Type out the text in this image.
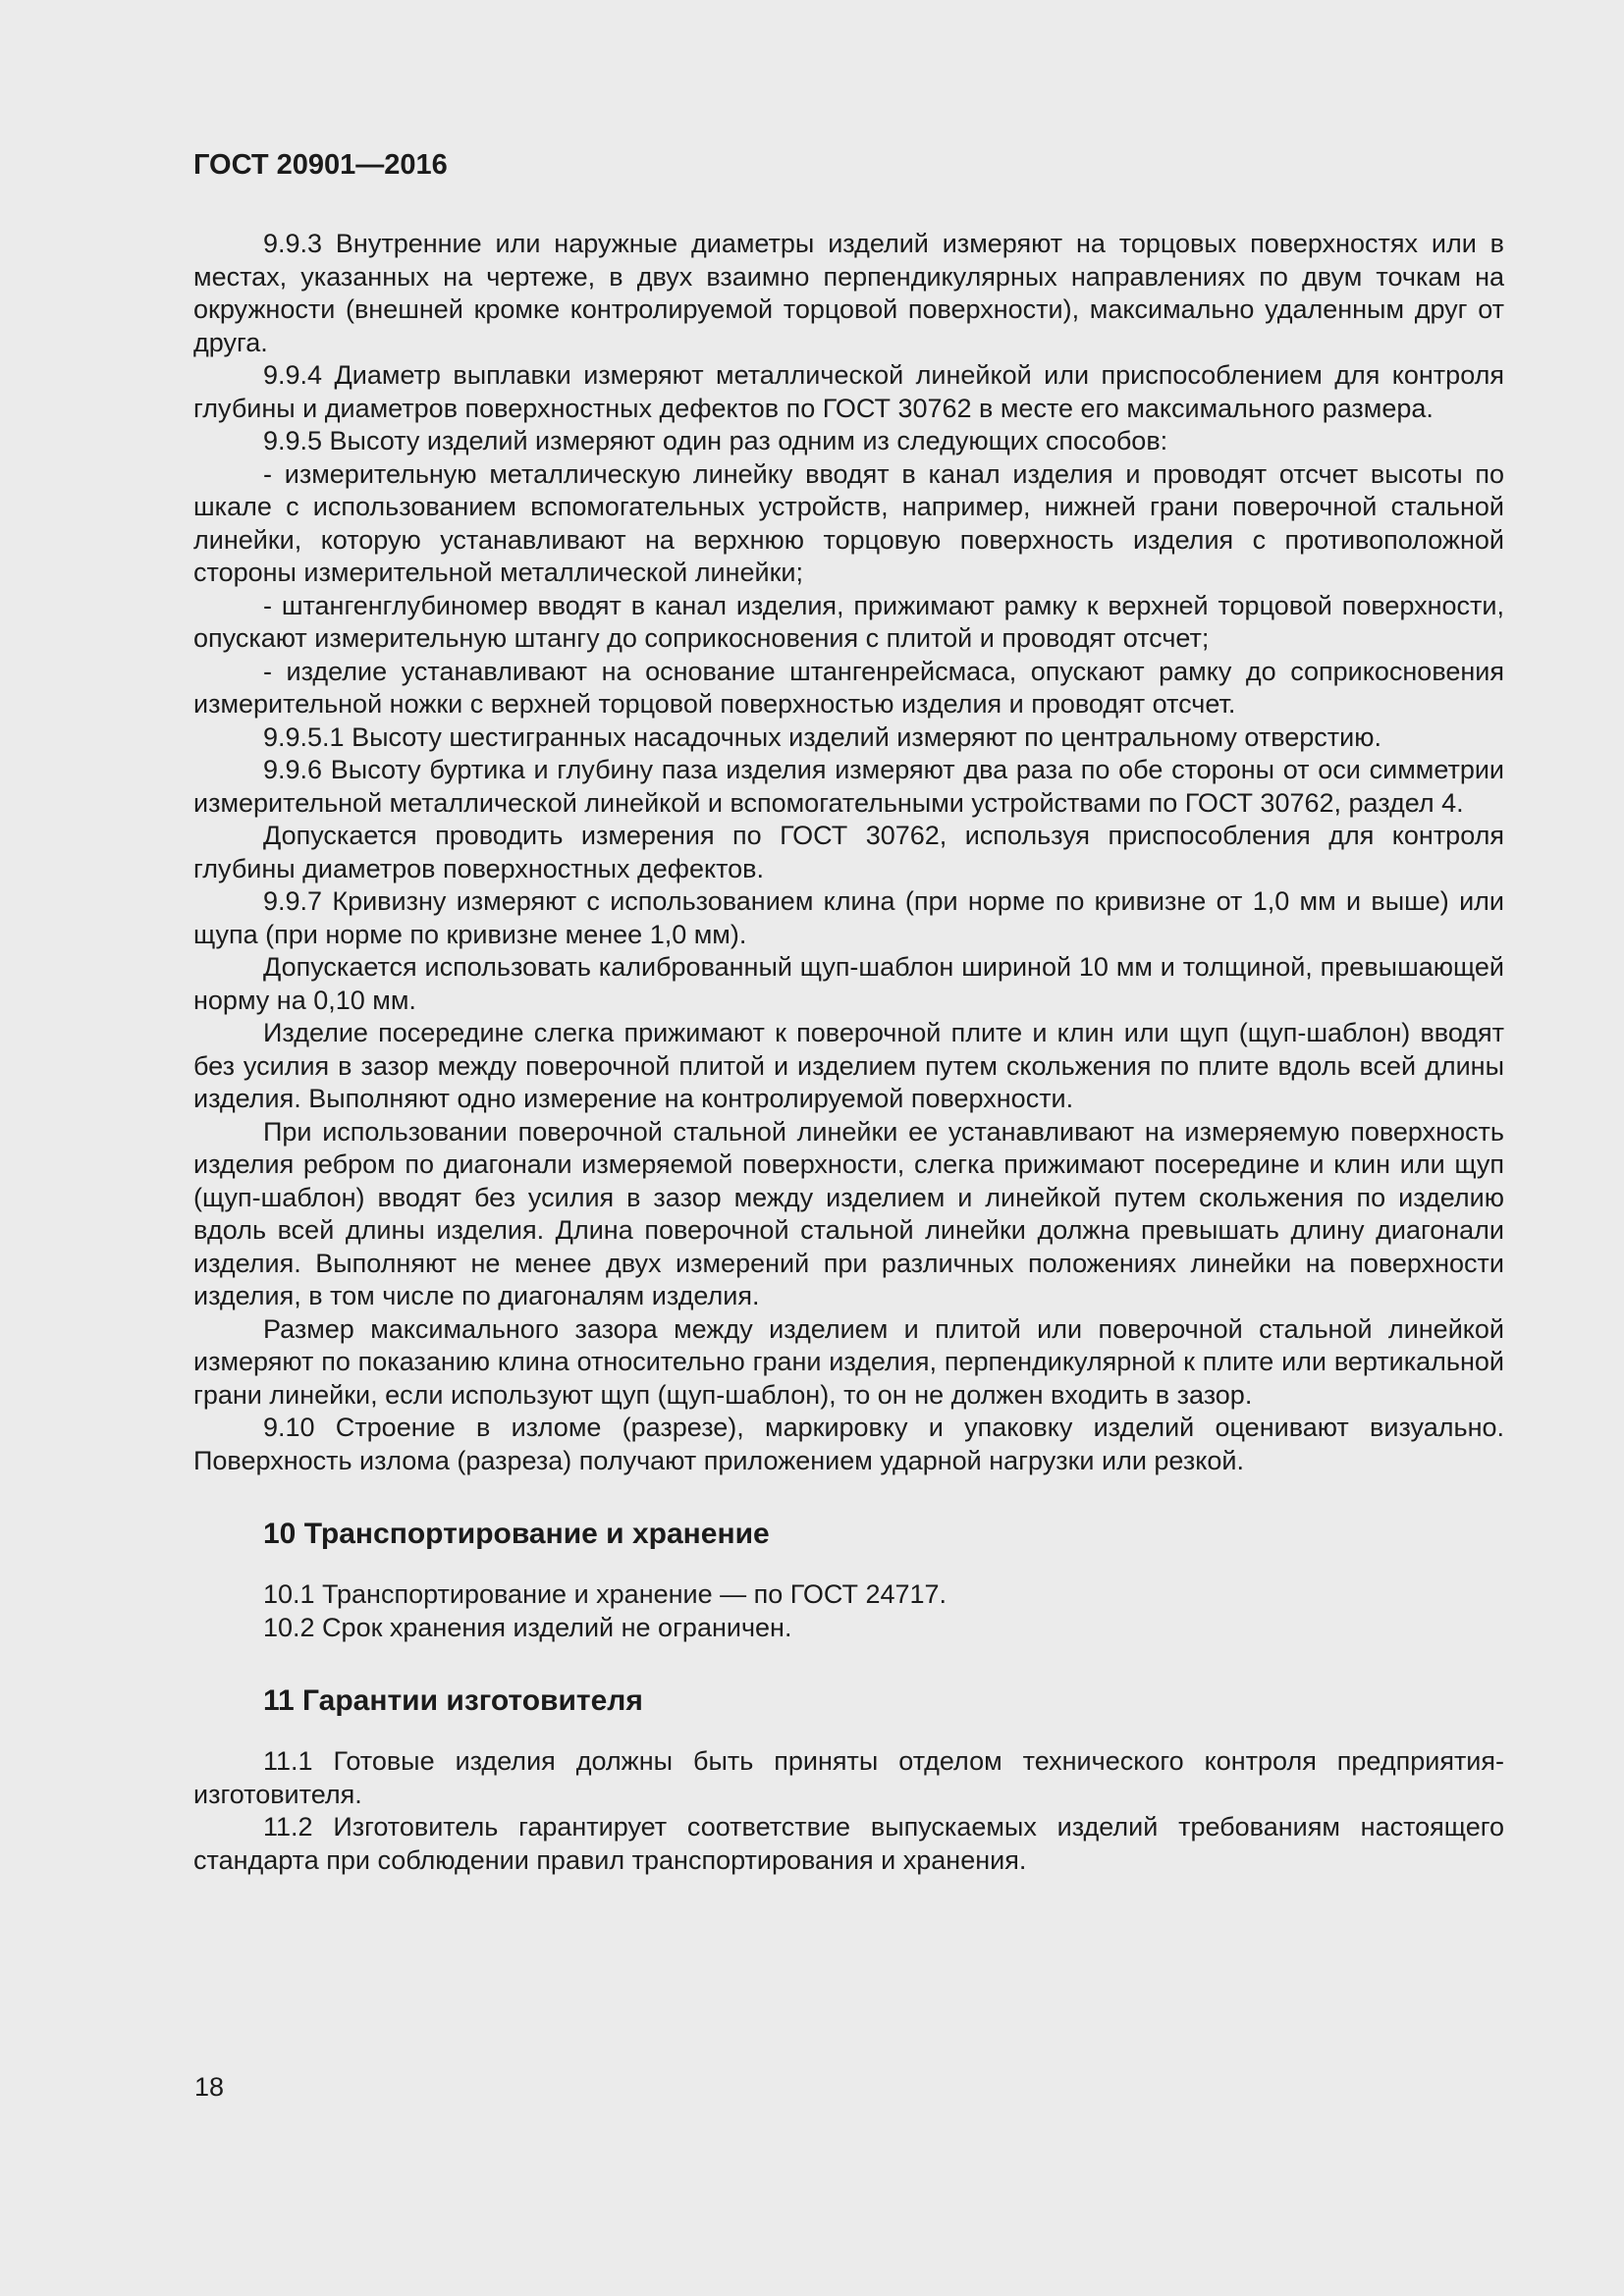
ГОСТ 20901—2016

9.9.3 Внутренние или наружные диаметры изделий измеряют на торцовых поверхностях или в местах, указанных на чертеже, в двух взаимно перпендикулярных направлениях по двум точкам на окружности (внешней кромке контролируемой торцовой поверхности), максимально удаленным друг от друга.

9.9.4 Диаметр выплавки измеряют металлической линейкой или приспособлением для контроля глубины и диаметров поверхностных дефектов по ГОСТ 30762 в месте его максимального размера.

9.9.5 Высоту изделий измеряют один раз одним из следующих способов:

- измерительную металлическую линейку вводят в канал изделия и проводят отсчет высоты по шкале с использованием вспомогательных устройств, например, нижней грани поверочной стальной линейки, которую устанавливают на верхнюю торцовую поверхность изделия с противоположной стороны измерительной металлической линейки;

- штангенглубиномер вводят в канал изделия, прижимают рамку к верхней торцовой поверхности, опускают измерительную штангу до соприкосновения с плитой и проводят отсчет;

- изделие устанавливают на основание штангенрейсмаса, опускают рамку до соприкосновения измерительной ножки с верхней торцовой поверхностью изделия и проводят отсчет.

9.9.5.1 Высоту шестигранных насадочных изделий измеряют по центральному отверстию.

9.9.6 Высоту буртика и глубину паза изделия измеряют два раза по обе стороны от оси симметрии измерительной металлической линейкой и вспомогательными устройствами по ГОСТ 30762, раздел 4.

Допускается проводить измерения по ГОСТ 30762, используя приспособления для контроля глубины диаметров поверхностных дефектов.

9.9.7 Кривизну измеряют с использованием клина (при норме по кривизне от 1,0 мм и выше) или щупа (при норме по кривизне менее 1,0 мм).

Допускается использовать калиброванный щуп-шаблон шириной 10 мм и толщиной, превышающей норму на 0,10 мм.

Изделие посередине слегка прижимают к поверочной плите и клин или щуп (щуп-шаблон) вводят без усилия в зазор между поверочной плитой и изделием путем скольжения по плите вдоль всей длины изделия. Выполняют одно измерение на контролируемой поверхности.

При использовании поверочной стальной линейки ее устанавливают на измеряемую поверхность изделия ребром по диагонали измеряемой поверхности, слегка прижимают посередине и клин или щуп (щуп-шаблон) вводят без усилия в зазор между изделием и линейкой путем скольжения по изделию вдоль всей длины изделия. Длина поверочной стальной линейки должна превышать длину диагонали изделия. Выполняют не менее двух измерений при различных положениях линейки на поверхности изделия, в том числе по диагоналям изделия.

Размер максимального зазора между изделием и плитой или поверочной стальной линейкой измеряют по показанию клина относительно грани изделия, перпендикулярной к плите или вертикальной грани линейки, если используют щуп (щуп-шаблон), то он не должен входить в зазор.

9.10 Строение в изломе (разрезе), маркировку и упаковку изделий оценивают визуально. Поверхность излома (разреза) получают приложением ударной нагрузки или резкой.

10 Транспортирование и хранение

10.1 Транспортирование и хранение — по ГОСТ 24717.

10.2 Срок хранения изделий не ограничен.

11 Гарантии изготовителя

11.1 Готовые изделия должны быть приняты отделом технического контроля предприятия-изготовителя.

11.2 Изготовитель гарантирует соответствие выпускаемых изделий требованиям настоящего стандарта при соблюдении правил транспортирования и хранения.

18
